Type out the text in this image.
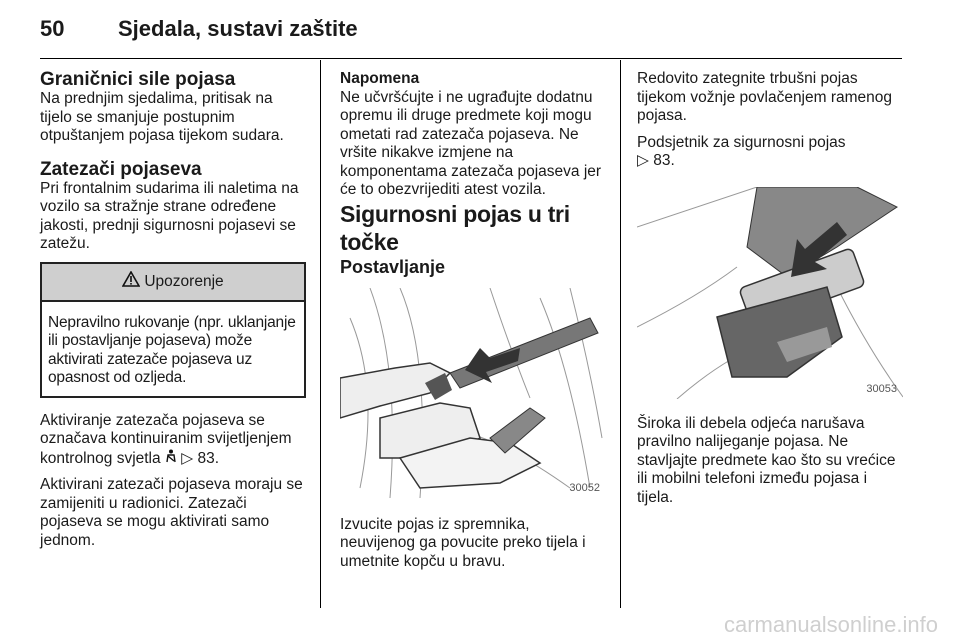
50 Sjedala, sustavi zaštite
Graničnici sile pojasa

Na prednjim sjedalima, pritisak na tijelo se smanjuje postupnim otpuštanjem pojasa tijekom sudara.

Zatezači pojaseva

Pri frontalnim sudarima ili naletima na vozilo sa stražnje strane određene jakosti, prednji sigurnosni pojasevi se zatežu.

Upozorenje
Nepravilno rukovanje (npr. uklanjanje ili postavljanje pojaseva) može aktivirati zatezače pojaseva uz opasnost od ozljeda.

Aktiviranje zatezača pojaseva se označava kontinuiranim svijetljenjem kontrolnog svjetla ▷ 83.

Aktivirani zatezači pojaseva moraju se zamijeniti u radionici. Zatezači pojaseva se mogu aktivirati samo jednom.

Napomena

Ne učvršćujte i ne ugrađujte dodatnu opremu ili druge predmete koji mogu ometati rad zatezača pojaseva. Ne vršite nikakve izmjene na komponentama zatezača pojaseva jer će to obezvrijediti atest vozila.

Sigurnosni pojas u tri točke
Postavljanje
30052

Izvucite pojas iz spremnika, neuvijenog ga povucite preko tijela i umetnite kopču u bravu.

Redovito zategnite trbušni pojas tijekom vožnje povlačenjem ramenog pojasa.

Podsjetnik za sigurnosni pojas
▷ 83.

30053

Široka ili debela odjeća narušava pravilno nalijeganje pojasa. Ne stavljajte predmete kao što su vrećice ili mobilni telefoni između pojasa i tijela.

carmanualsonline.info
